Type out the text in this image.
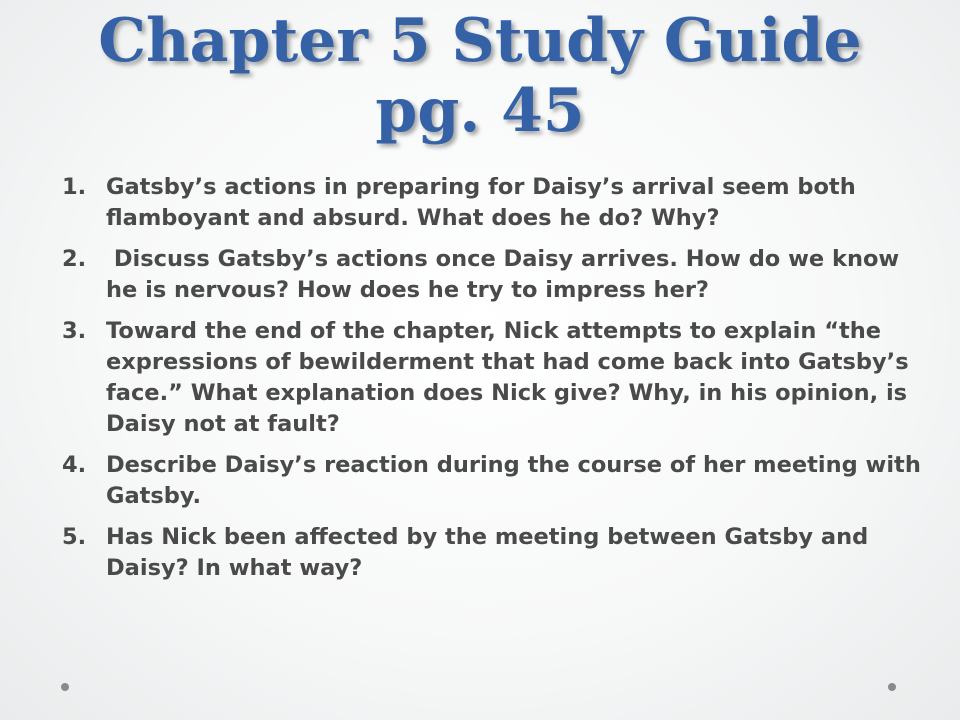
Chapter 5 Study Guide
pg. 45
1. Gatsby’s actions in preparing for Daisy’s arrival seem both flamboyant and absurd. What does he do? Why?
2. Discuss Gatsby’s actions once Daisy arrives. How do we know he is nervous? How does he try to impress her?
3. Toward the end of the chapter, Nick attempts to explain “the expressions of bewilderment that had come back into Gatsby’s face.” What explanation does Nick give? Why, in his opinion, is Daisy not at fault?
4. Describe Daisy’s reaction during the course of her meeting with Gatsby.
5. Has Nick been affected by the meeting between Gatsby and Daisy? In what way?
